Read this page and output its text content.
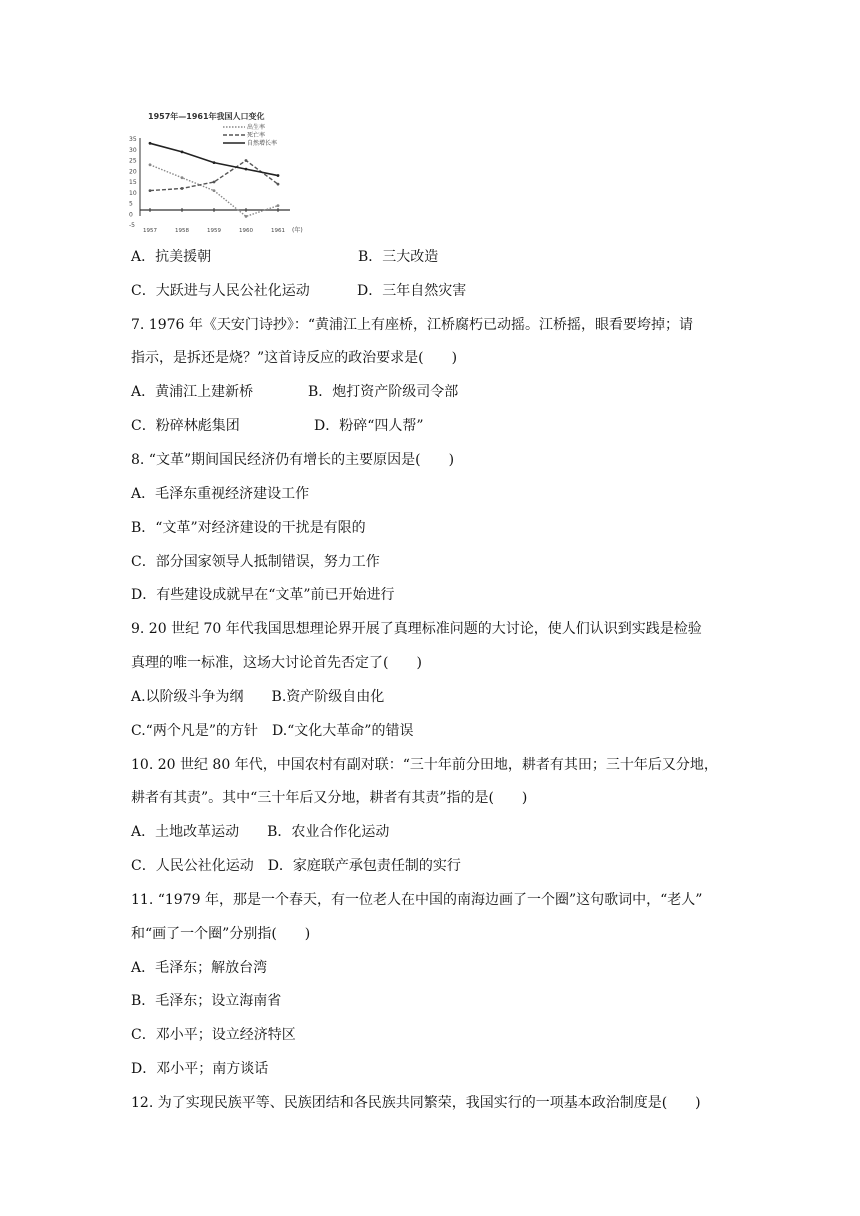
1957年—1961年我国人口变化
出生率
死亡率
自然增长率
35
30
25
20
15
10
5
0
-5
1957	1958	1959	1960	1961 (年)
A．抗美援朝
C．大跃进与人民公社化运动
7. 1976 年《天安门诗抄》：“黄浦江上有座桥，江桥腐朽已动摇。江桥摇，眼看要垮掉；请
指示，是拆还是烧？”这首诗反应的政治要求是(　　)
A．黄浦江上建新桥
C．粉碎林彪集团
8. “文革”期间国民经济仍有增长的主要原因是(　　)
A．毛泽东重视经济建设工作
B．“文革”对经济建设的干扰是有限的
C．部分国家领导人抵制错误，努力工作
D．有些建设成就早在“文革”前已开始进行
9. 20 世纪 70 年代我国思想理论界开展了真理标准问题的大讨论，使人们认识到实践是检验
真理的唯一标准，这场大讨论首先否定了(　　)
A.以阶级斗争为纲　　B.资产阶级自由化
C.“两个凡是”的方针　D.“文化大革命”的错误
10. 20 世纪 80 年代，中国农村有副对联：“三十年前分田地，耕者有其田；三十年后又分地，
耕者有其责”。其中“三十年后又分地，耕者有其责”指的是(　　)
A．土地改革运动　　B．农业合作化运动
C．人民公社化运动　D．家庭联产承包责任制的实行
11. “1979 年，那是一个春天，有一位老人在中国的南海边画了一个圈”这句歌词中，“老人”
和“画了一个圈”分别指(　　)
A．毛泽东；解放台湾
B．毛泽东；设立海南省
C．邓小平；设立经济特区
D．邓小平；南方谈话
12. 为了实现民族平等、民族团结和各民族共同繁荣，我国实行的一项基本政治制度是(　　)
B．三大改造
D．三年自然灾害
B．炮打资产阶级司令部
D．粉碎“四人帮”
